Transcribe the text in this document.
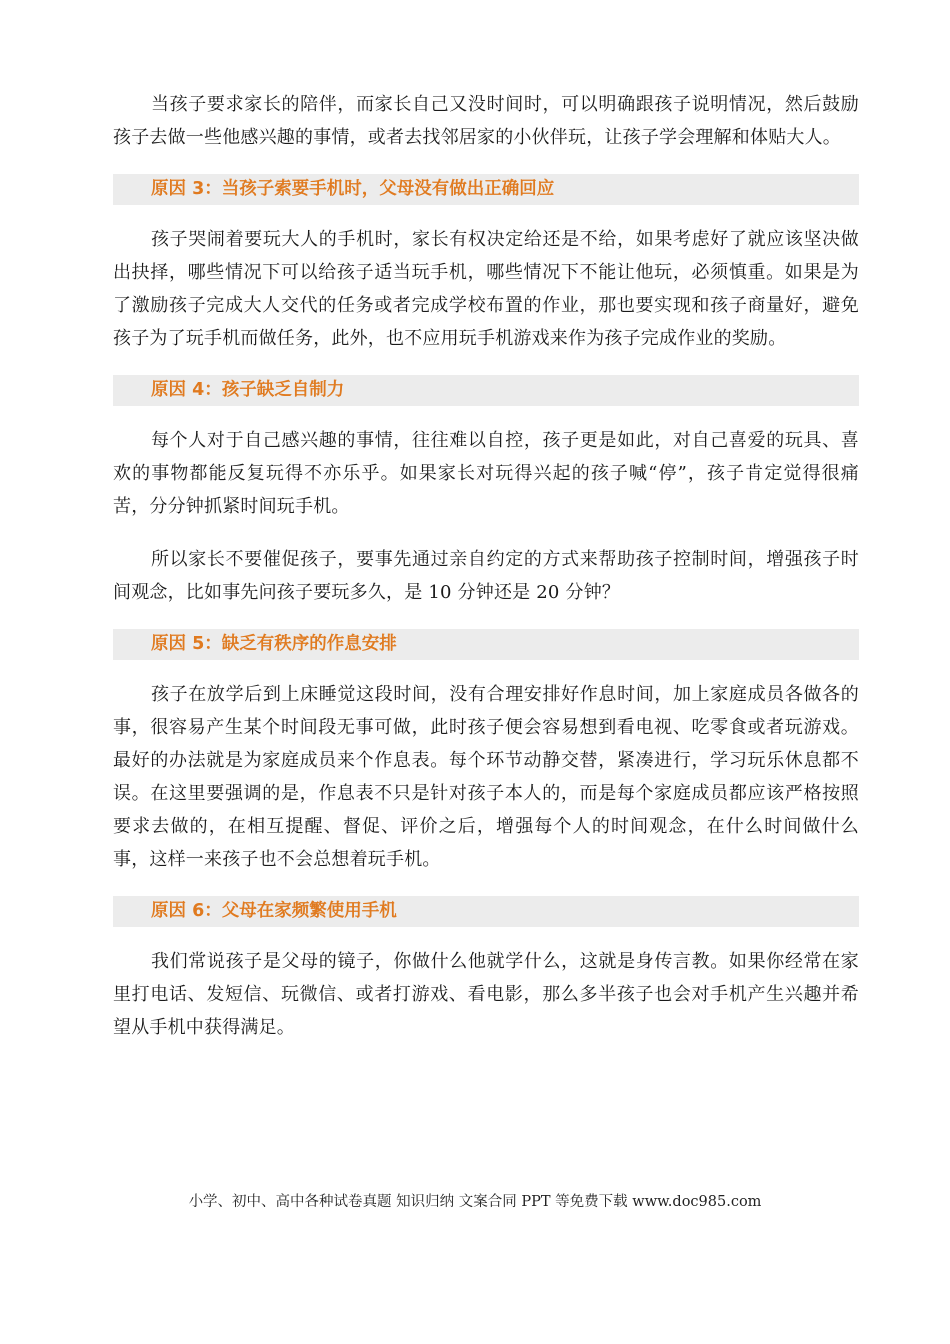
当孩子要求家长的陪伴，而家长自己又没时间时，可以明确跟孩子说明情况，然后鼓励孩子去做一些他感兴趣的事情，或者去找邻居家的小伙伴玩，让孩子学会理解和体贴大人。

原因 3：当孩子索要手机时，父母没有做出正确回应

孩子哭闹着要玩大人的手机时，家长有权决定给还是不给，如果考虑好了就应该坚决做出抉择，哪些情况下可以给孩子适当玩手机，哪些情况下不能让他玩，必须慎重。如果是为了激励孩子完成大人交代的任务或者完成学校布置的作业，那也要实现和孩子商量好，避免孩子为了玩手机而做任务，此外，也不应用玩手机游戏来作为孩子完成作业的奖励。

原因 4：孩子缺乏自制力

每个人对于自己感兴趣的事情，往往难以自控，孩子更是如此，对自己喜爱的玩具、喜欢的事物都能反复玩得不亦乐乎。如果家长对玩得兴起的孩子喊“停”，孩子肯定觉得很痛苦，分分钟抓紧时间玩手机。

所以家长不要催促孩子，要事先通过亲自约定的方式来帮助孩子控制时间，增强孩子时间观念，比如事先问孩子要玩多久，是 10 分钟还是 20 分钟？

原因 5：缺乏有秩序的作息安排

孩子在放学后到上床睡觉这段时间，没有合理安排好作息时间，加上家庭成员各做各的事，很容易产生某个时间段无事可做，此时孩子便会容易想到看电视、吃零食或者玩游戏。最好的办法就是为家庭成员来个作息表。每个环节动静交替，紧凑进行，学习玩乐休息都不误。在这里要强调的是，作息表不只是针对孩子本人的，而是每个家庭成员都应该严格按照要求去做的，在相互提醒、督促、评价之后，增强每个人的时间观念，在什么时间做什么事，这样一来孩子也不会总想着玩手机。

原因 6：父母在家频繁使用手机

我们常说孩子是父母的镜子，你做什么他就学什么，这就是身传言教。如果你经常在家里打电话、发短信、玩微信、或者打游戏、看电影，那么多半孩子也会对手机产生兴趣并希望从手机中获得满足。

小学、初中、高中各种试卷真题 知识归纳 文案合同 PPT 等免费下载 www.doc985.com
